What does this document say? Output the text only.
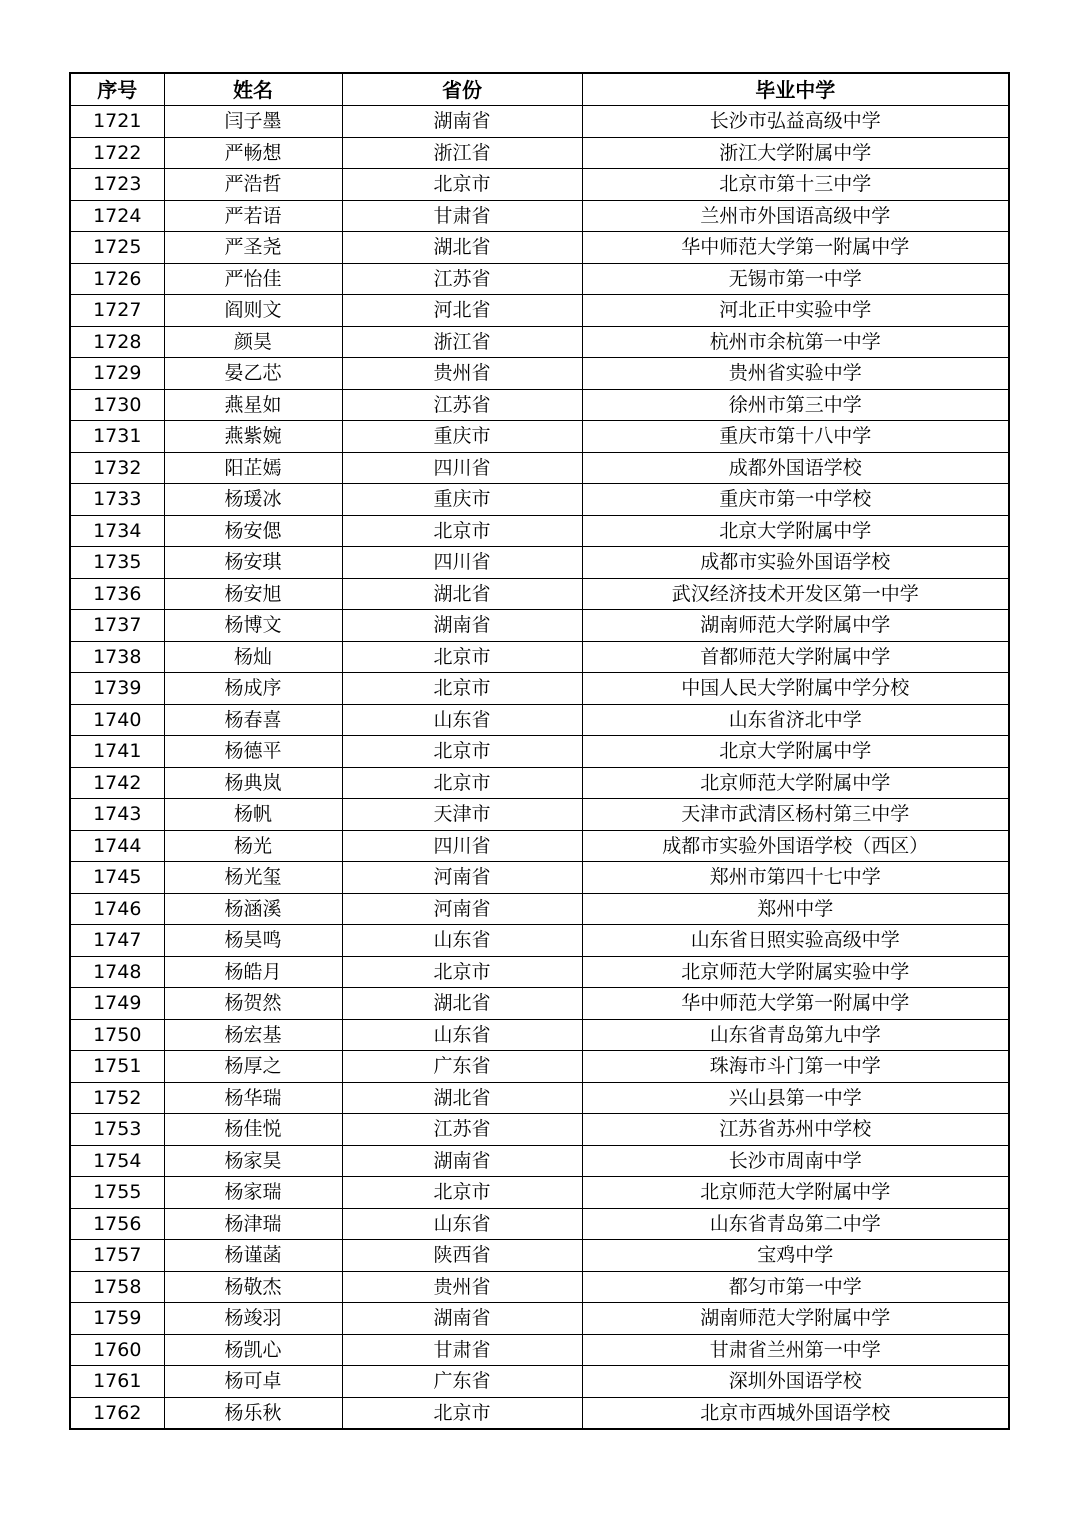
序号	姓名	省份	毕业中学
1721	闫子墨	湖南省	长沙市弘益高级中学
1722	严畅想	浙江省	浙江大学附属中学
1723	严浩哲	北京市	北京市第十三中学
1724	严若语	甘肃省	兰州市外国语高级中学
1725	严圣尧	湖北省	华中师范大学第一附属中学
1726	严怡佳	江苏省	无锡市第一中学
1727	阎则文	河北省	河北正中实验中学
1728	颜昊	浙江省	杭州市余杭第一中学
1729	晏乙芯	贵州省	贵州省实验中学
1730	燕星如	江苏省	徐州市第三中学
1731	燕紫婉	重庆市	重庆市第十八中学
1732	阳芷嫣	四川省	成都外国语学校
1733	杨瑗冰	重庆市	重庆市第一中学校
1734	杨安偲	北京市	北京大学附属中学
1735	杨安琪	四川省	成都市实验外国语学校
1736	杨安旭	湖北省	武汉经济技术开发区第一中学
1737	杨博文	湖南省	湖南师范大学附属中学
1738	杨灿	北京市	首都师范大学附属中学
1739	杨成序	北京市	中国人民大学附属中学分校
1740	杨春喜	山东省	山东省济北中学
1741	杨德平	北京市	北京大学附属中学
1742	杨典岚	北京市	北京师范大学附属中学
1743	杨帆	天津市	天津市武清区杨村第三中学
1744	杨光	四川省	成都市实验外国语学校（西区）
1745	杨光玺	河南省	郑州市第四十七中学
1746	杨涵溪	河南省	郑州中学
1747	杨昊鸣	山东省	山东省日照实验高级中学
1748	杨皓月	北京市	北京师范大学附属实验中学
1749	杨贺然	湖北省	华中师范大学第一附属中学
1750	杨宏基	山东省	山东省青岛第九中学
1751	杨厚之	广东省	珠海市斗门第一中学
1752	杨华瑞	湖北省	兴山县第一中学
1753	杨佳悦	江苏省	江苏省苏州中学校
1754	杨家昊	湖南省	长沙市周南中学
1755	杨家瑞	北京市	北京师范大学附属中学
1756	杨津瑞	山东省	山东省青岛第二中学
1757	杨谨菡	陕西省	宝鸡中学
1758	杨敬杰	贵州省	都匀市第一中学
1759	杨竣羽	湖南省	湖南师范大学附属中学
1760	杨凯心	甘肃省	甘肃省兰州第一中学
1761	杨可卓	广东省	深圳外国语学校
1762	杨乐秋	北京市	北京市西城外国语学校
